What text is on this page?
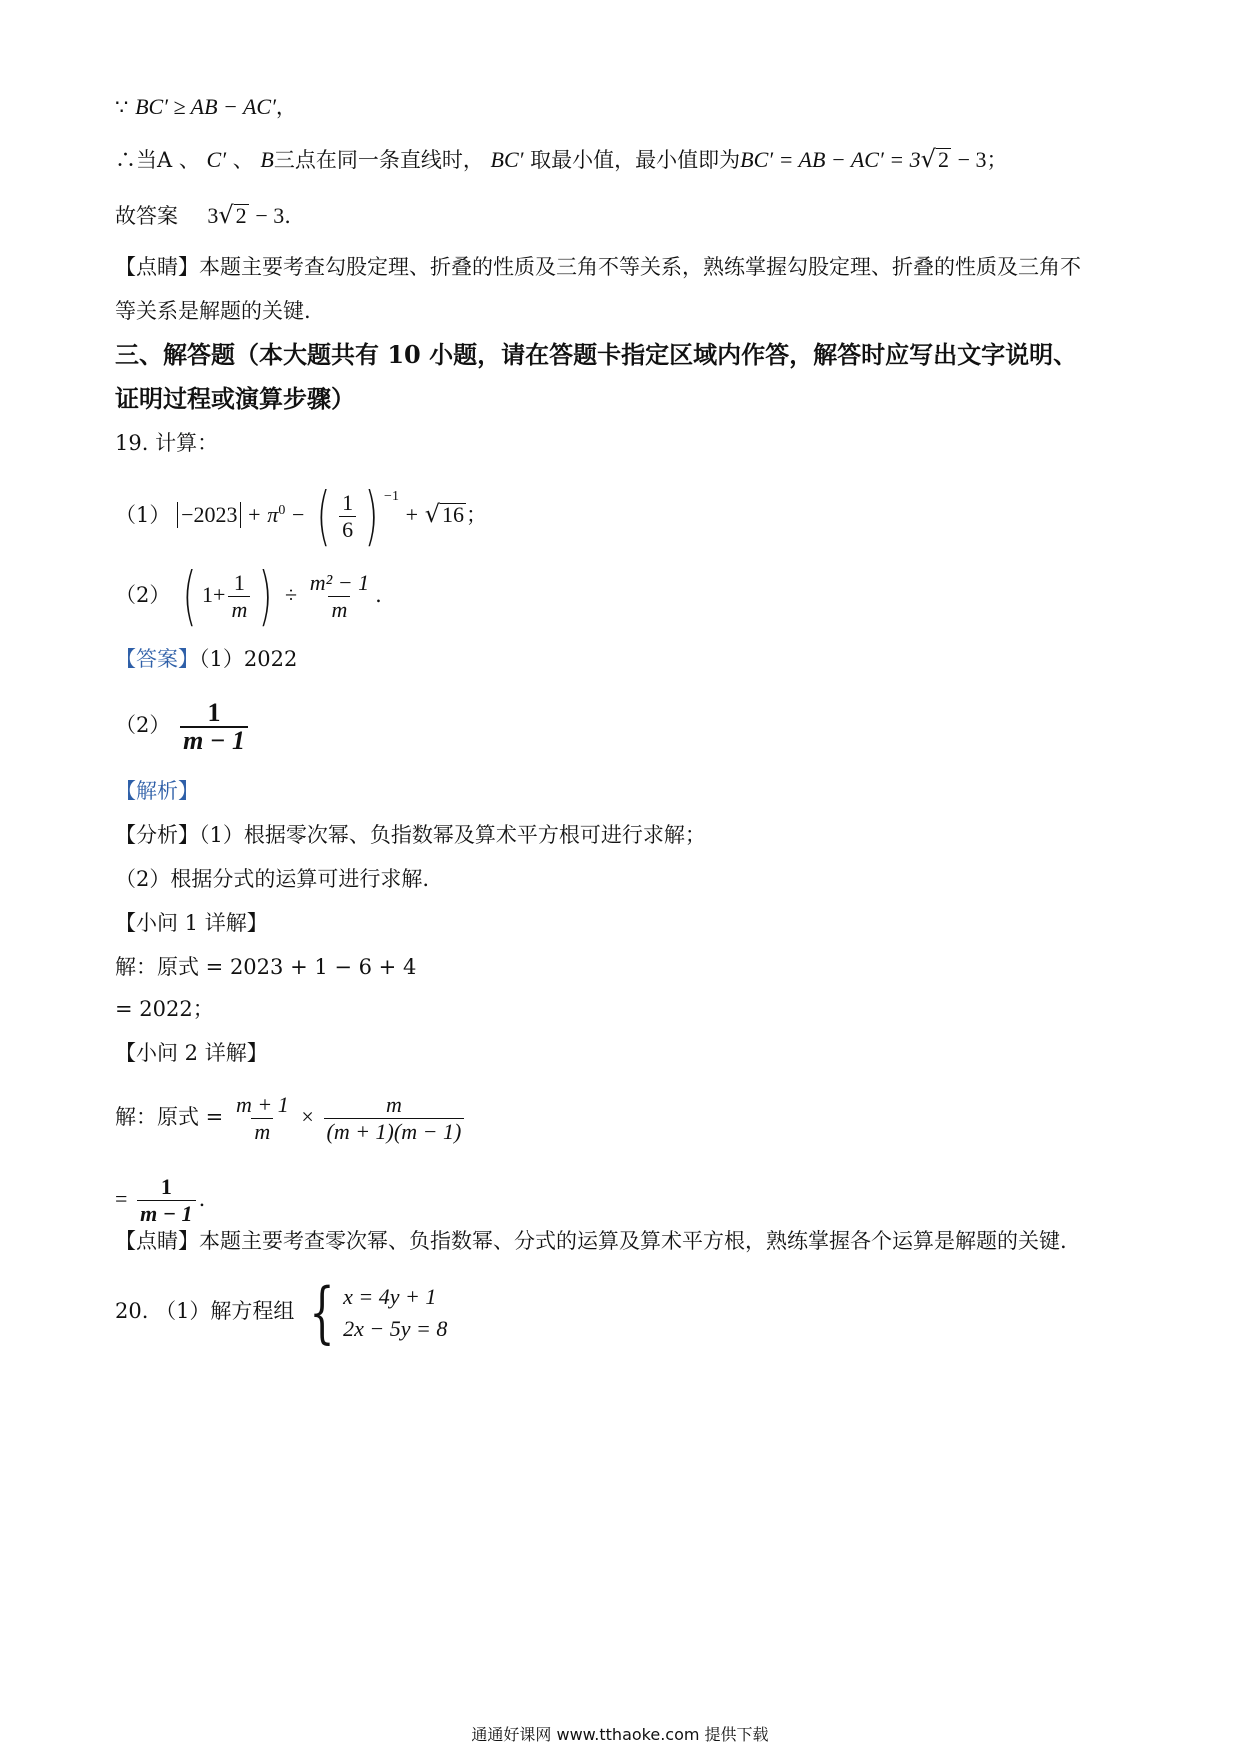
∵ BC′ ≥ AB − AC′，
∴当A 、 C′ 、 B三点在同一条直线时， BC′ 取最小值，最小值即为BC′ = AB − AC′ = 3√2 − 3；
故答案 3√2 − 3.
【点睛】本题主要考查勾股定理、折叠的性质及三角不等关系，熟练掌握勾股定理、折叠的性质及三角不
等关系是解题的关键.
三、解答题（本大题共有 10 小题，请在答题卡指定区域内作答，解答时应写出文字说明、
证明过程或演算步骤）
19. 计算：
$(1) -2023 + \pi^0$ − ( $\frac{1}{6}$ ) $^{-1}$ + √16；
（2） ( $1+ \frac{1}{m}$ ) ÷ $\frac{\text{m² − 1}}{m}$ .
【答案】（1）2022
$(2) \frac{1}{m - 1}$
【解析】
【分析】（1）根据零次幂、负指数幂及算术平方根可进行求解；
（2）根据分式的运算可进行求解.
【小问 1 详解】
解：原式 = 2023 + 1 − 6 + 4
= 2022；
【小问 2 详解】
解：原式 = $\frac{m + 1}{m} \times \frac{m}{(m + 1)(m - 1)}$
= $\frac{1}{m - 1}$ .
【点睛】本题主要考查零次幂、负指数幂、分式的运算及算术平方根，熟练掌握各个运算是解题的关键.
20. （1）解方程组 { x = 4y + 1
2x − 5y = 8
通通好课网 www.tthaoke.com 提供下载
